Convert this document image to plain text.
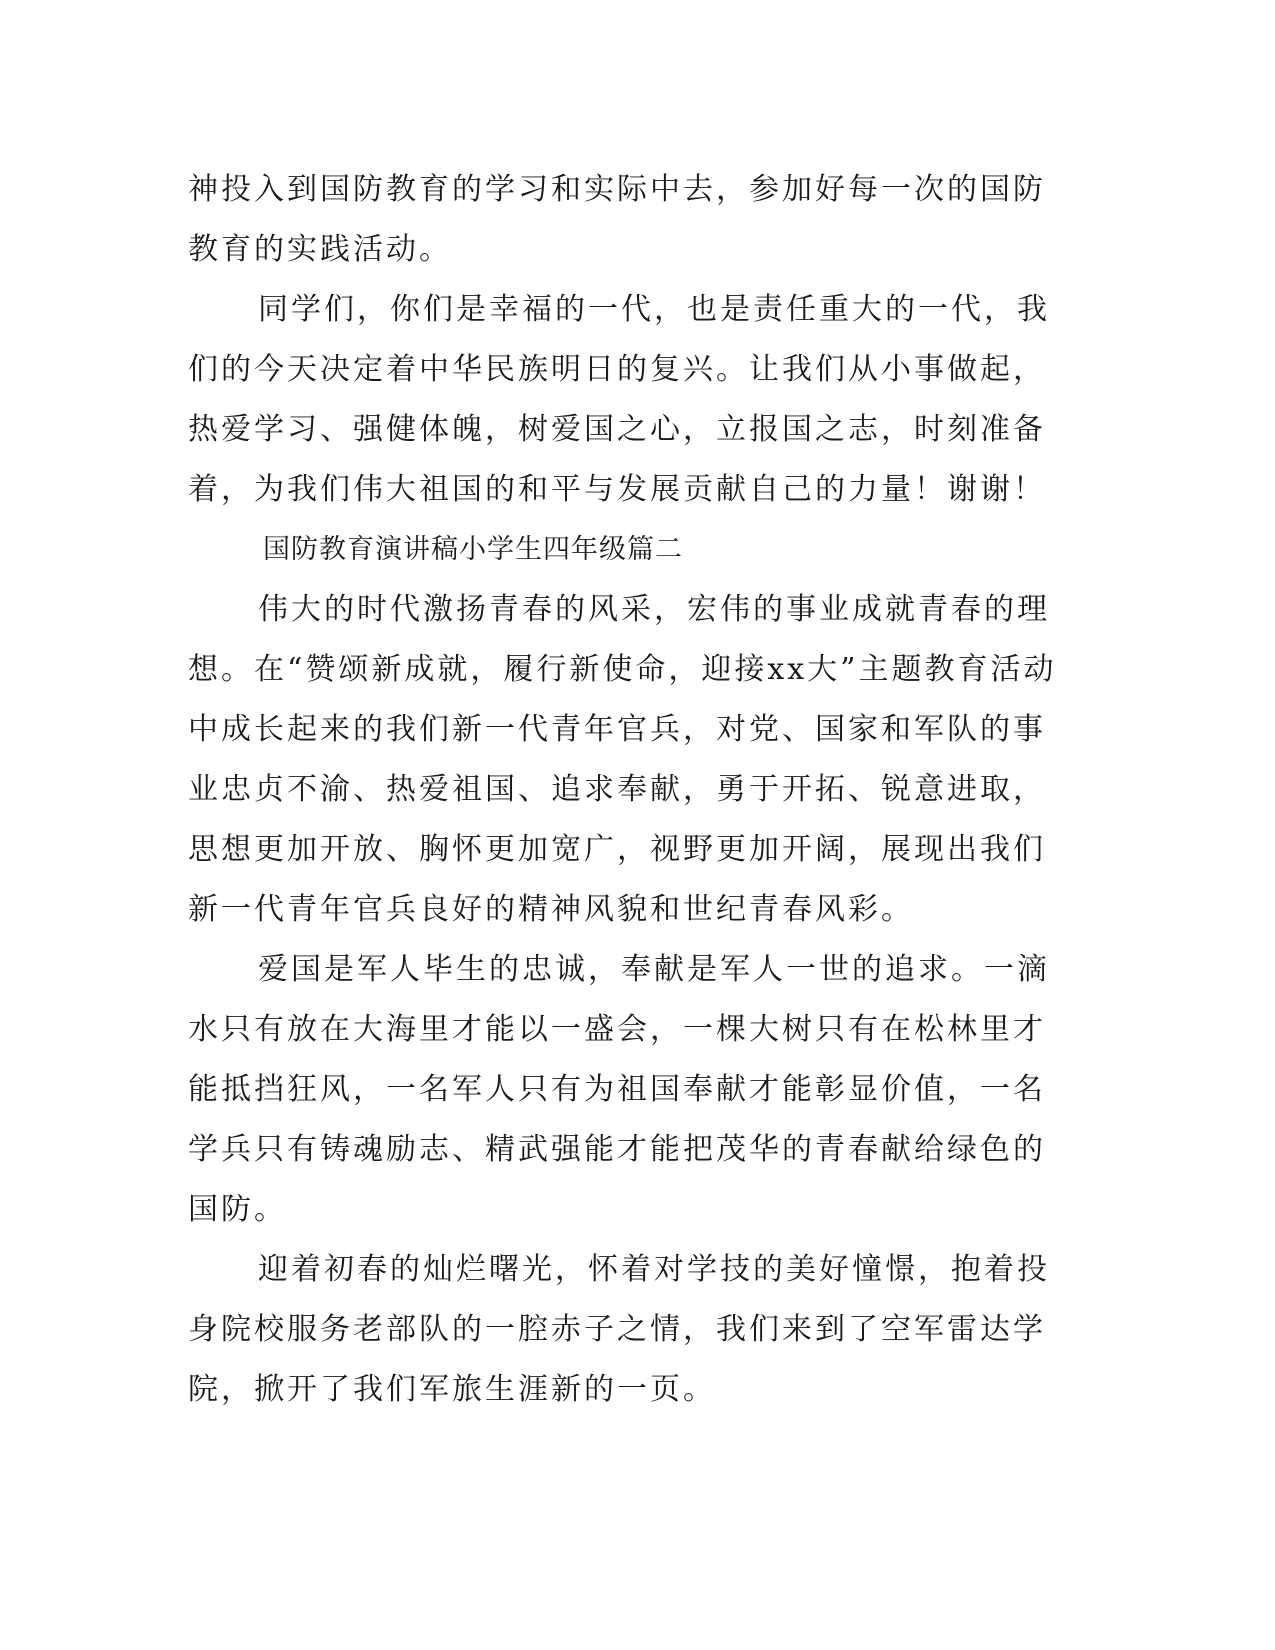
神投入到国防教育的学习和实际中去，参加好每一次的国防教育的实践活动。

同学们，你们是幸福的一代，也是责任重大的一代，我们的今天决定着中华民族明日的复兴。让我们从小事做起，热爱学习、强健体魄，树爱国之心，立报国之志，时刻准备着，为我们伟大祖国的和平与发展贡献自己的力量！谢谢！

国防教育演讲稿小学生四年级篇二

伟大的时代激扬青春的风采，宏伟的事业成就青春的理想。在“赞颂新成就，履行新使命，迎接xx大”主题教育活动中成长起来的我们新一代青年官兵，对党、国家和军队的事业忠贞不渝、热爱祖国、追求奉献，勇于开拓、锐意进取，思想更加开放、胸怀更加宽广，视野更加开阔，展现出我们新一代青年官兵良好的精神风貌和世纪青春风彩。

爱国是军人毕生的忠诚，奉献是军人一世的追求。一滴水只有放在大海里才能以一盛会，一棵大树只有在松林里才能抵挡狂风，一名军人只有为祖国奉献才能彰显价值，一名学兵只有铸魂励志、精武强能才能把茂华的青春献给绿色的国防。

迎着初春的灿烂曙光，怀着对学技的美好憧憬，抱着投身院校服务老部队的一腔赤子之情，我们来到了空军雷达学院，掀开了我们军旅生涯新的一页。
